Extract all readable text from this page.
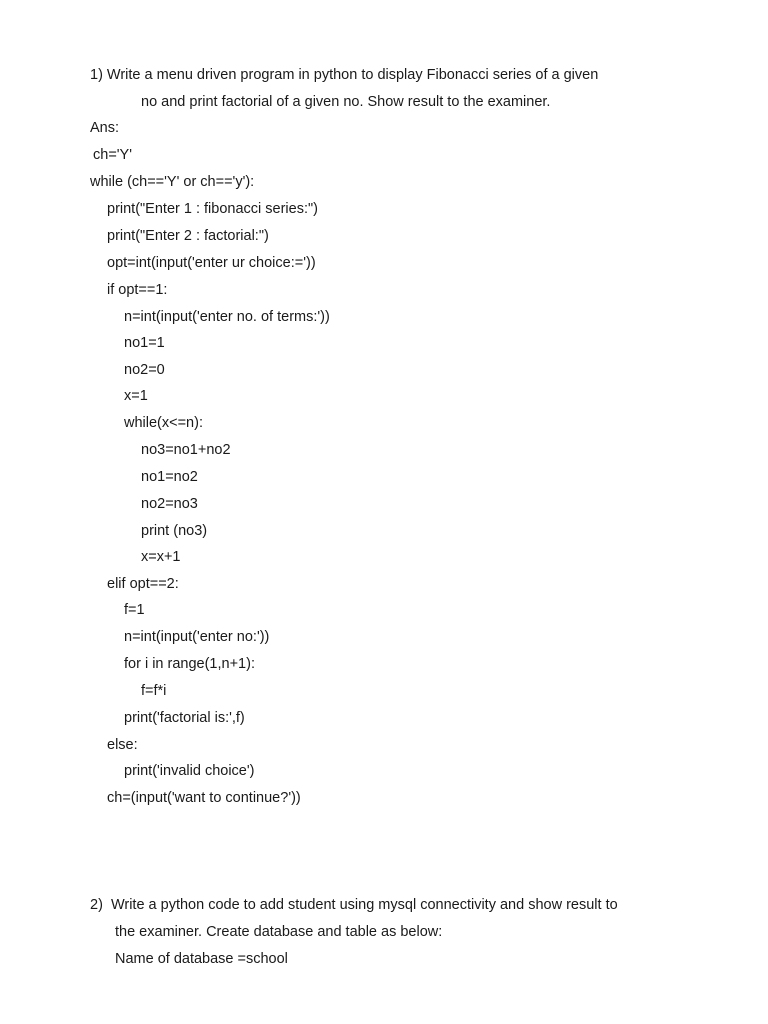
1) Write a menu driven program in python to display Fibonacci series of a given
no and print factorial of a given no. Show result to the examiner.
Ans:
ch='Y'
while (ch=='Y' or ch=='y'):
print("Enter 1 : fibonacci series:")
print("Enter 2 : factorial:")
opt=int(input('enter ur choice:='))
if opt==1:
n=int(input('enter no. of terms:'))
no1=1
no2=0
x=1
while(x<=n):
no3=no1+no2
no1=no2
no2=no3
print (no3)
x=x+1
elif opt==2:
f=1
n=int(input('enter no:'))
for i in range(1,n+1):
f=f*i
print('factorial is:',f)
else:
print('invalid choice')
ch=(input('want to continue?'))
2)  Write a python code to add student using mysql connectivity and show result to
the examiner. Create database and table as below:
Name of database =school
